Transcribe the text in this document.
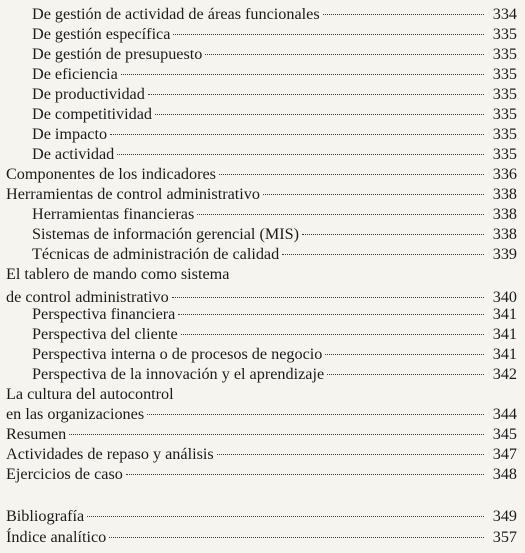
De gestión de actividad de áreas funcionales	334
De gestión específica	335
De gestión de presupuesto	335
De eficiencia	335
De productividad	335
De competitividad	335
De impacto	335
De actividad	335
Componentes de los indicadores	336
Herramientas de control administrativo	338
Herramientas financieras	338
Sistemas de información gerencial (MIS)	338
Técnicas de administración de calidad	339
El tablero de mando como sistema
de control administrativo	340
Perspectiva financiera	341
Perspectiva del cliente	341
Perspectiva interna o de procesos de negocio	341
Perspectiva de la innovación y el aprendizaje	342
La cultura del autocontrol
en las organizaciones	344
Resumen	345
Actividades de repaso y análisis	347
Ejercicios de caso	348
Bibliografía	349
Índice analítico	357
